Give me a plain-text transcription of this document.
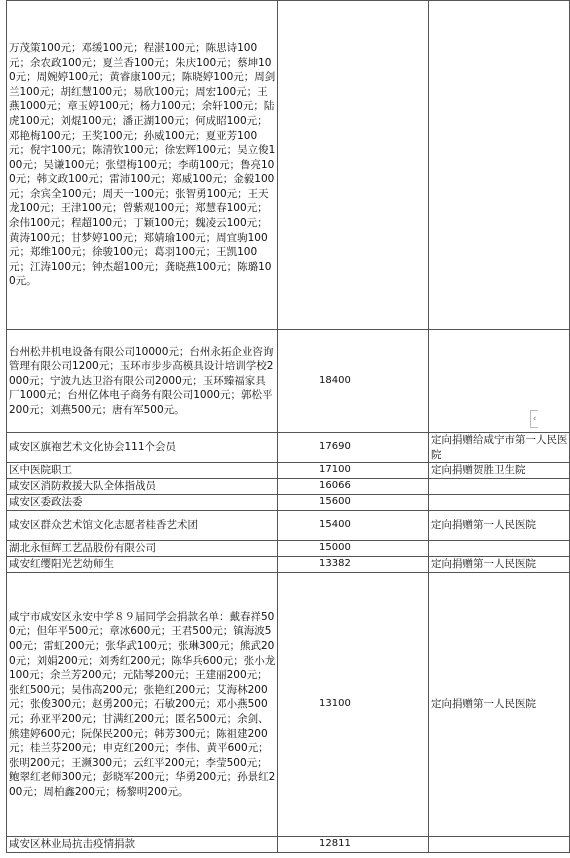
万茂策100元；邓缓100元；程湛100元；陈思诗100元；余农政100元；夏兰香100元；朱庆100元；蔡坤100元；周婉婷100元；黄睿康100元；陈晓婷100元；周剑兰100元；胡红慧100元；易欣100元；周宏100元；王燕1000元；章玉婷100元；杨力100元；余轩100元；陆虎100元；刘焜100元；潘正湖100元；何成昭100元；邓艳梅100元；王奖100元；孙威100元；夏亚芳100元；倪宇100元；陈清钦100元；徐宏辉100元；吴立俊100元；吴谦100元；张望梅100元；李萌100元；鲁亮100元；韩文政100元；雷沛100元；郑威100元；金毅100元；余宾全100元；周天一100元；张智勇100元；王天龙100元；王津100元；曾紫观100元；郑慧春100元；余伟100元；程超100元；丁颖100元；魏凌云100元；黄涛100元；甘梦婷100元；郑婧瑜100元；周宜驹100元；郑维100元；徐骏100元；葛羽100元；王凯100元；江涛100元；钟杰超100元；龚晓燕100元；陈璐100元。		
台州松井机电设备有限公司10000元；台州永拓企业咨询管理有限公司1200元；玉环市步步高模具设计培训学校2000元；宁波九达卫浴有限公司2000元；玉环臻福家具厂1000元；台州亿体电子商务有限公司1000元；郭松平200元；刘燕500元；唐有军500元。	18400	
咸安区旗袍艺术文化协会111个会员	17690	定向捐赠给咸宁市第一人民医院
区中医院职工	17100	定向捐赠贺胜卫生院
咸安区消防救援大队全体指战员	16066	
咸安区委政法委	15600	
咸安区群众艺术馆文化志愿者桂香艺术团	15400	定向捐赠第一人民医院
湖北永恒辉工艺品股份有限公司	15000	
咸安红缨阳光艺幼师生	13382	定向捐赠第一人民医院
咸宁市咸安区永安中学８９届同学会捐款名单：戴春祥500元；但年平500元；章冰600元；王君500元；镇海波500元；雷虹200元；张华武100元；张琳300元；熊武200元；刘娟200元；刘秀红200元；陈华兵600元；张小龙100元；余兰芳200元；元陆琴200元；王建丽200元；张红500元；吴伟高200元；张艳红200元；艾海林200元；张俊300元；赵勇200元；石敏200元；邓小燕500元；孙亚平200元；甘满红200元；匿名500元；余剑、熊建婷600元；阮保民200元；韩芳300元；陈祖建200元；桂兰芬200元；申克红200元；李伟、黄平600元；张明200元；王濒300元；云红平200元；李莹500元；鲍翠红老师300元；彭晓军200元；华勇200元；孙景红200元；周柏鑫200元；杨黎明200元。	13100	定向捐赠第一人民医院
咸安区林业局抗击疫情捐款	12811	
‹
